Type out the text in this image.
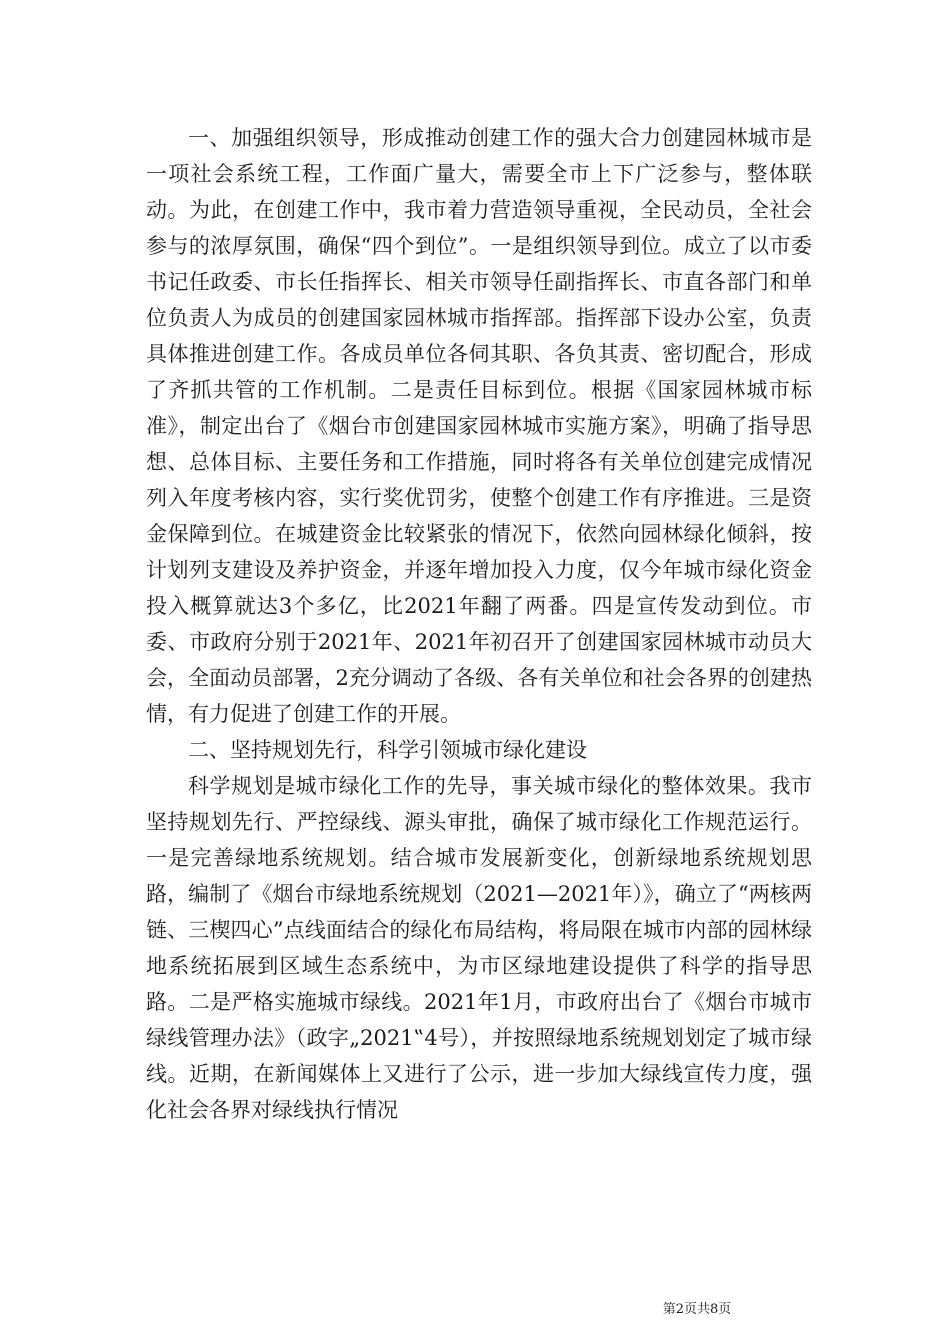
一、加强组织领导，形成推动创建工作的强大合力创建园林城市是一项社会系统工程，工作面广量大，需要全市上下广泛参与，整体联动。为此，在创建工作中，我市着力营造领导重视，全民动员，全社会参与的浓厚氛围，确保“四个到位”。一是组织领导到位。成立了以市委书记任政委、市长任指挥长、相关市领导任副指挥长、市直各部门和单位负责人为成员的创建国家园林城市指挥部。指挥部下设办公室，负责具体推进创建工作。各成员单位各伺其职、各负其责、密切配合，形成了齐抓共管的工作机制。二是责任目标到位。根据《国家园林城市标准》，制定出台了《烟台市创建国家园林城市实施方案》，明确了指导思想、总体目标、主要任务和工作措施，同时将各有关单位创建完成情况列入年度考核内容，实行奖优罚劣，使整个创建工作有序推进。三是资金保障到位。在城建资金比较紧张的情况下，依然向园林绿化倾斜，按计划列支建设及养护资金，并逐年增加投入力度，仅今年城市绿化资金投入概算就达3个多亿，比2021年翻了两番。四是宣传发动到位。市委、市政府分别于2021年、2021年初召开了创建国家园林城市动员大会，全面动员部署，2充分调动了各级、各有关单位和社会各界的创建热情，有力促进了创建工作的开展。

二、坚持规划先行，科学引领城市绿化建设

科学规划是城市绿化工作的先导，事关城市绿化的整体效果。我市坚持规划先行、严控绿线、源头审批，确保了城市绿化工作规范运行。一是完善绿地系统规划。结合城市发展新变化，创新绿地系统规划思路，编制了《烟台市绿地系统规划（2021—2021年）》，确立了“两核两链、三楔四心”点线面结合的绿化布局结构，将局限在城市内部的园林绿地系统拓展到区域生态系统中，为市区绿地建设提供了科学的指导思路。二是严格实施城市绿线。2021年1月，市政府出台了《烟台市城市绿线管理办法》（政字„2021‟4号），并按照绿地系统规划划定了城市绿线。近期，在新闻媒体上又进行了公示，进一步加大绿线宣传力度，强化社会各界对绿线执行情况

第2页共8页
